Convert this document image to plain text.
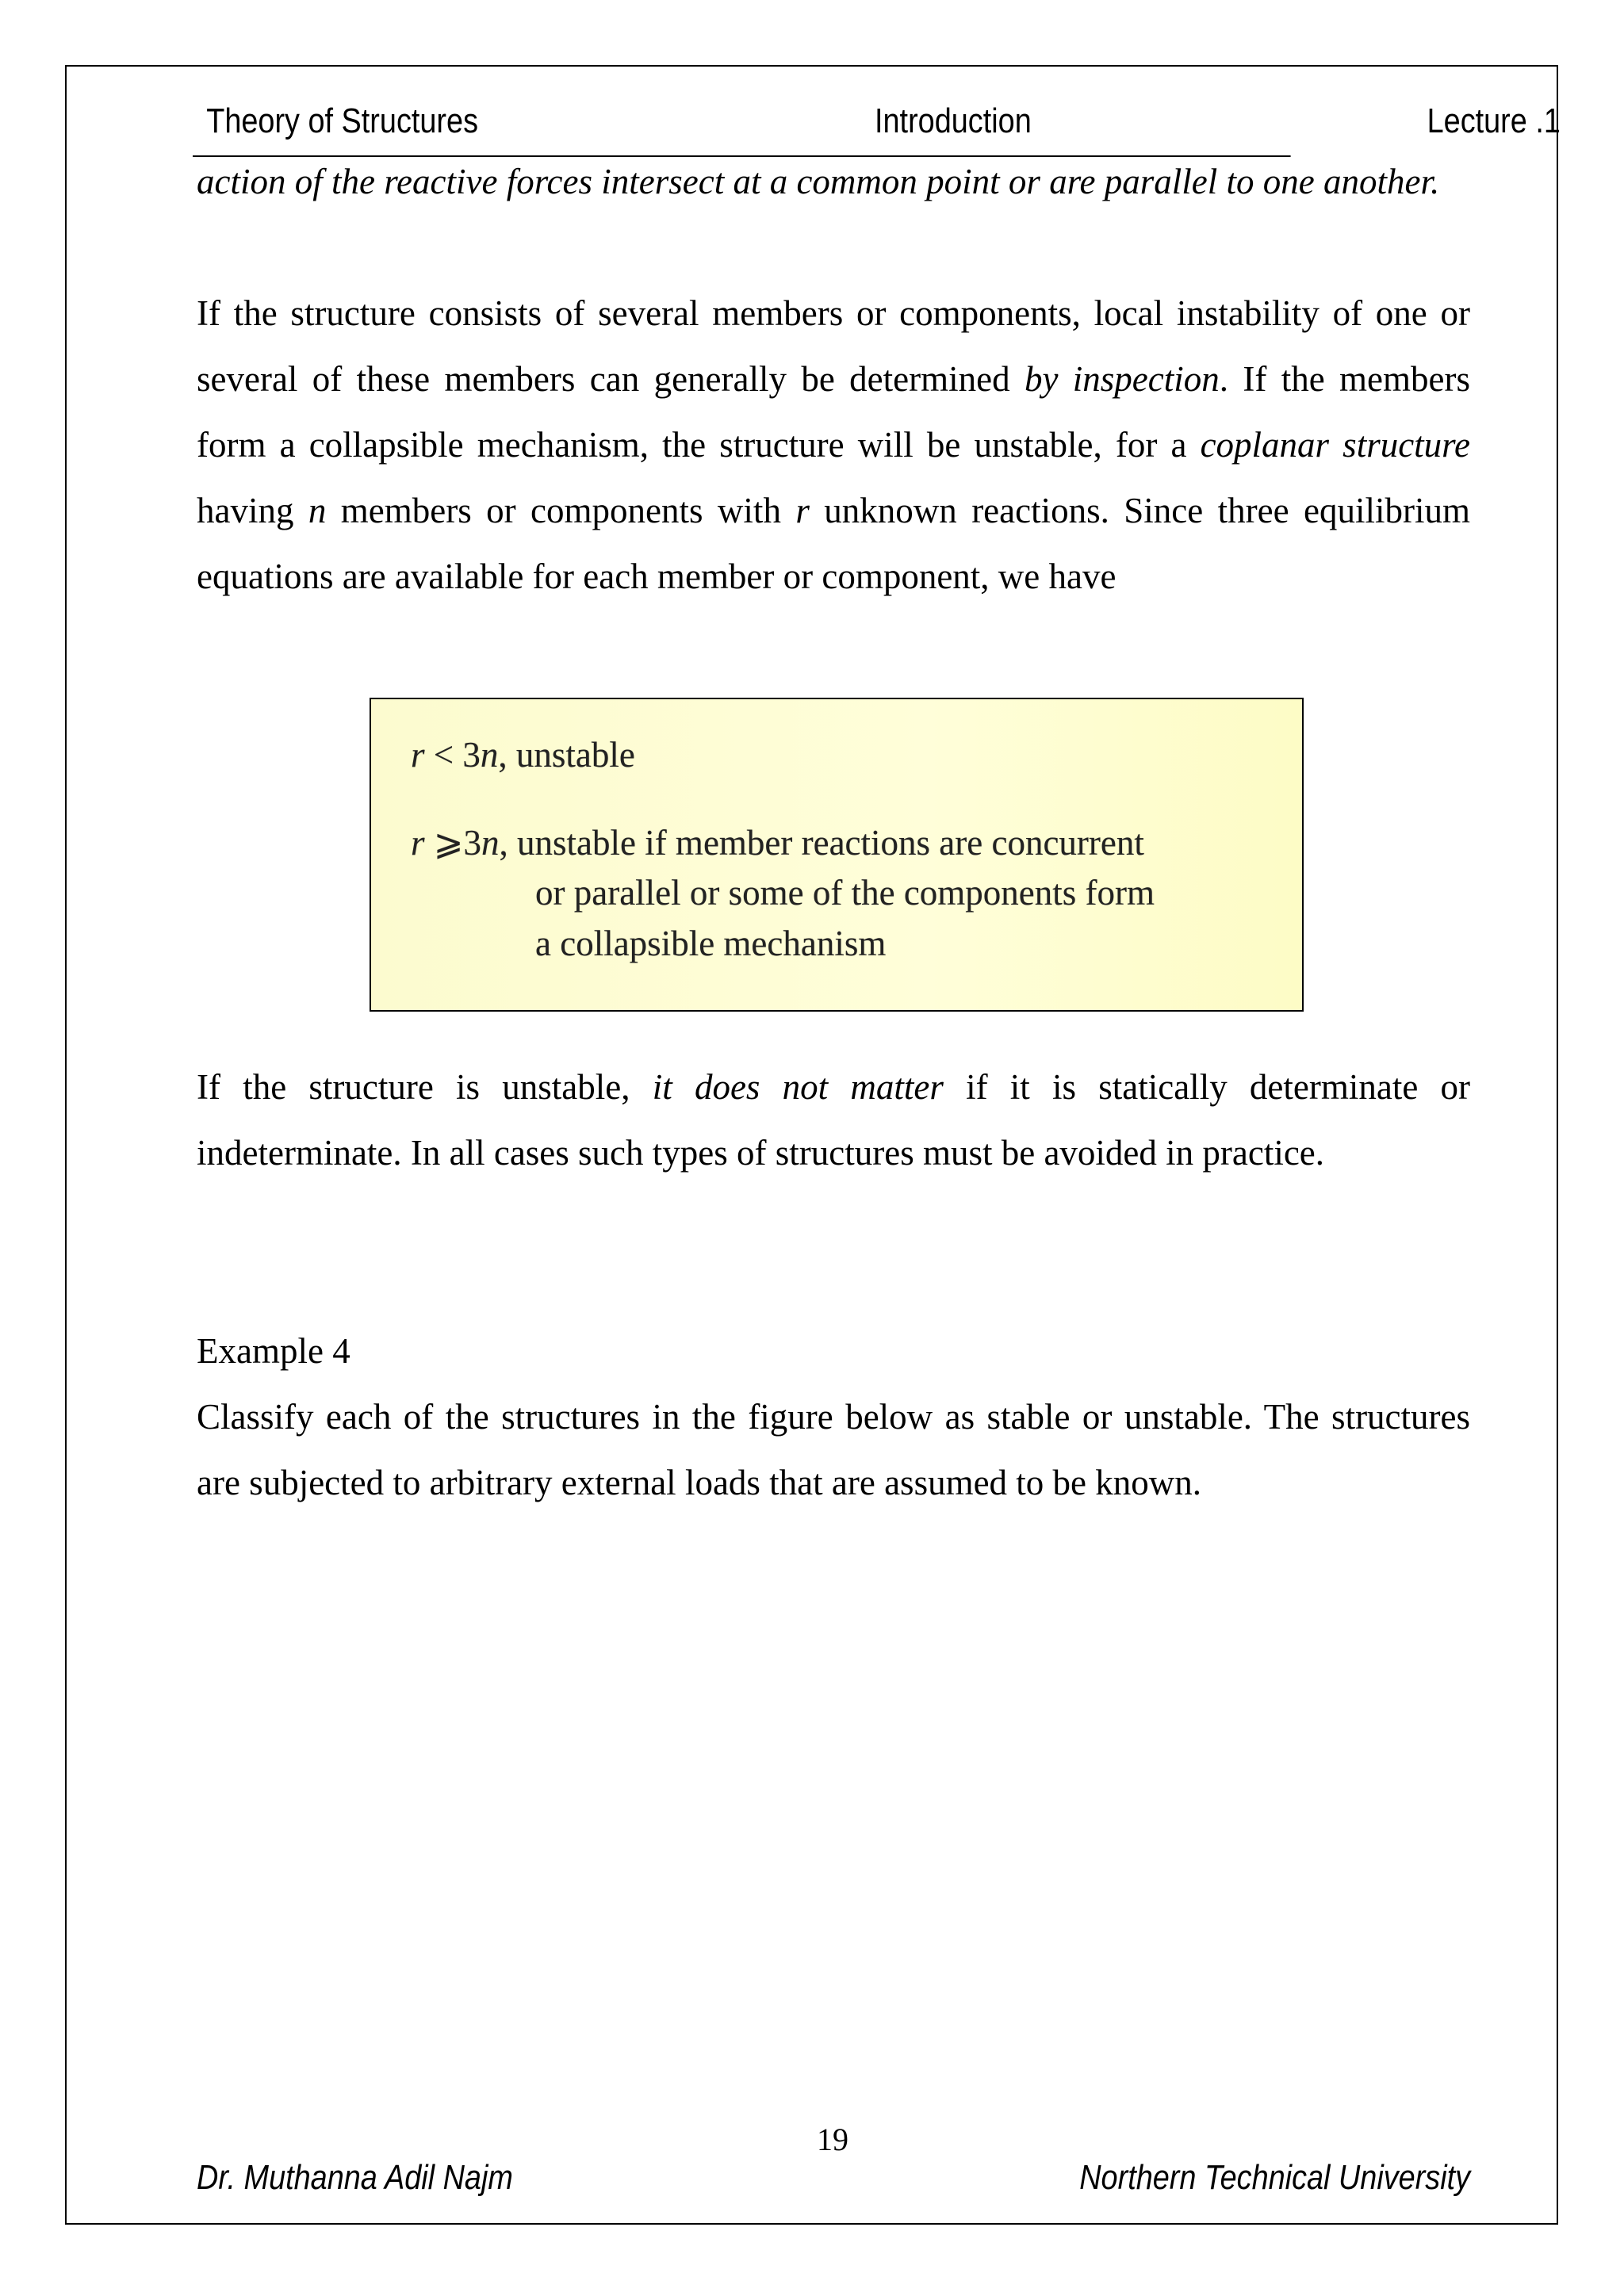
Theory of Structures	Introduction	Lecture .1
action of the reactive forces intersect at a common point or are parallel to one another.
If the structure consists of several members or components, local instability of one or several of these members can generally be determined by inspection. If the members form a collapsible mechanism, the structure will be unstable, for a coplanar structure having n members or components with r unknown reactions. Since three equilibrium equations are available for each member or component, we have
r < 3n, unstable
r ⩾3n, unstable if member reactions are concurrent
or parallel or some of the components form
a collapsible mechanism
If the structure is unstable, it does not matter if it is statically determinate or indeterminate. In all cases such types of structures must be avoided in practice.
Example 4
Classify each of the structures in the figure below as stable or unstable. The structures are subjected to arbitrary external loads that are assumed to be known.
19
Dr. Muthanna Adil Najm	Northern Technical University
